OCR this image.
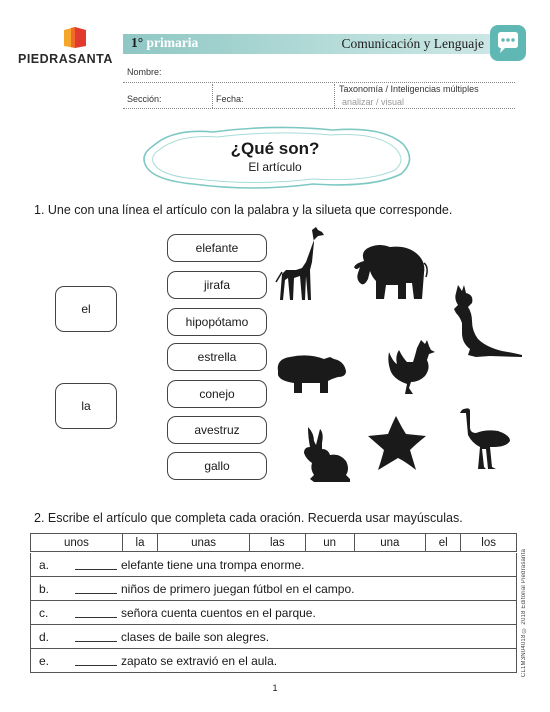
PIEDRASANTA
1° primaria	Comunicación y Lenguaje
Nombre:
Sección:	Fecha:
Taxonomía / Inteligencias múltiples
analizar / visual
¿Qué son?
El artículo
1. Une con una línea el artículo con la palabra y la silueta que corresponde.
el
la
elefante
jirafa
hipopótamo
estrella
conejo
avestruz
gallo
2. Escribe el artículo que completa cada oración. Recuerda usar mayúsculas.
unos	la	unas	las	un	una	el	los
a.	elefante tiene una trompa enorme.
b.	niños de primero juegan fútbol en el campo.
c.	señora cuenta cuentos en el parque.
d.	clases de baile son alegres.
e.	zapato se extravió en el aula.	CL1M3N04018 © 2018 Editorial Piedrasanta
1
